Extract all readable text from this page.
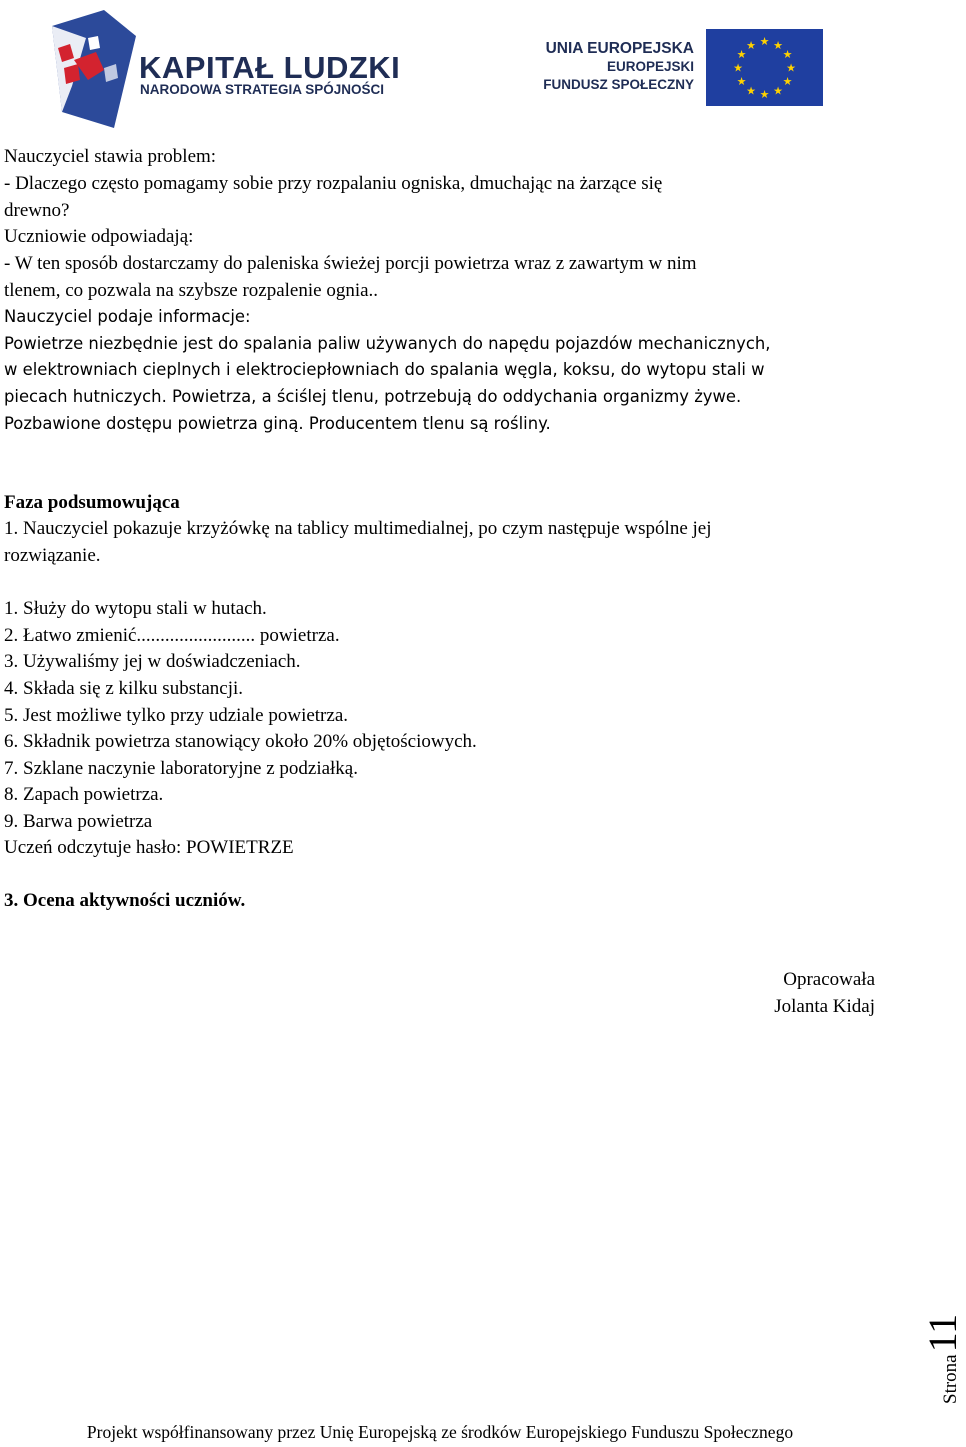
KAPITAŁ LUDZKI
NARODOWA STRATEGIA SPÓJNOŚCI
UNIA EUROPEJSKA
EUROPEJSKI
FUNDUSZ SPOŁECZNY
★ ★
★
★
★
★
★
★
★
★
★
★
Nauczyciel stawia problem:
- Dlaczego często pomagamy sobie przy rozpalaniu ogniska, dmuchając na żarzące się
drewno?
Uczniowie odpowiadają:
- W ten sposób dostarczamy do paleniska świeżej porcji powietrza wraz z zawartym w nim
tlenem, co pozwala na szybsze rozpalenie ognia..
Nauczyciel podaje informacje:
Powietrze niezbędnie jest do spalania paliw używanych do napędu pojazdów mechanicznych,
w elektrowniach cieplnych i elektrociepłowniach do spalania węgla, koksu, do wytopu stali w
piecach hutniczych. Powietrza, a ściślej tlenu, potrzebują do oddychania organizmy żywe.
Pozbawione dostępu powietrza giną. Producentem tlenu są rośliny.
Faza podsumowująca
1. Nauczyciel pokazuje krzyżówkę na tablicy multimedialnej, po czym następuje wspólne jej
rozwiązanie.
1. Służy do wytopu stali w hutach.
2. Łatwo zmienić......................... powietrza.
3. Używaliśmy jej w doświadczeniach.
4. Składa się z kilku substancji.
5. Jest możliwe tylko przy udziale powietrza.
6. Składnik powietrza stanowiący około 20% objętościowych.
7. Szklane naczynie laboratoryjne z podziałką.
8. Zapach powietrza.
9. Barwa powietrza
Uczeń odczytuje hasło: POWIETRZE
3. Ocena aktywności uczniów.
Opracowała
Jolanta Kidaj
Strona11
Projekt współfinansowany przez Unię Europejską ze środków Europejskiego Funduszu Społecznego
